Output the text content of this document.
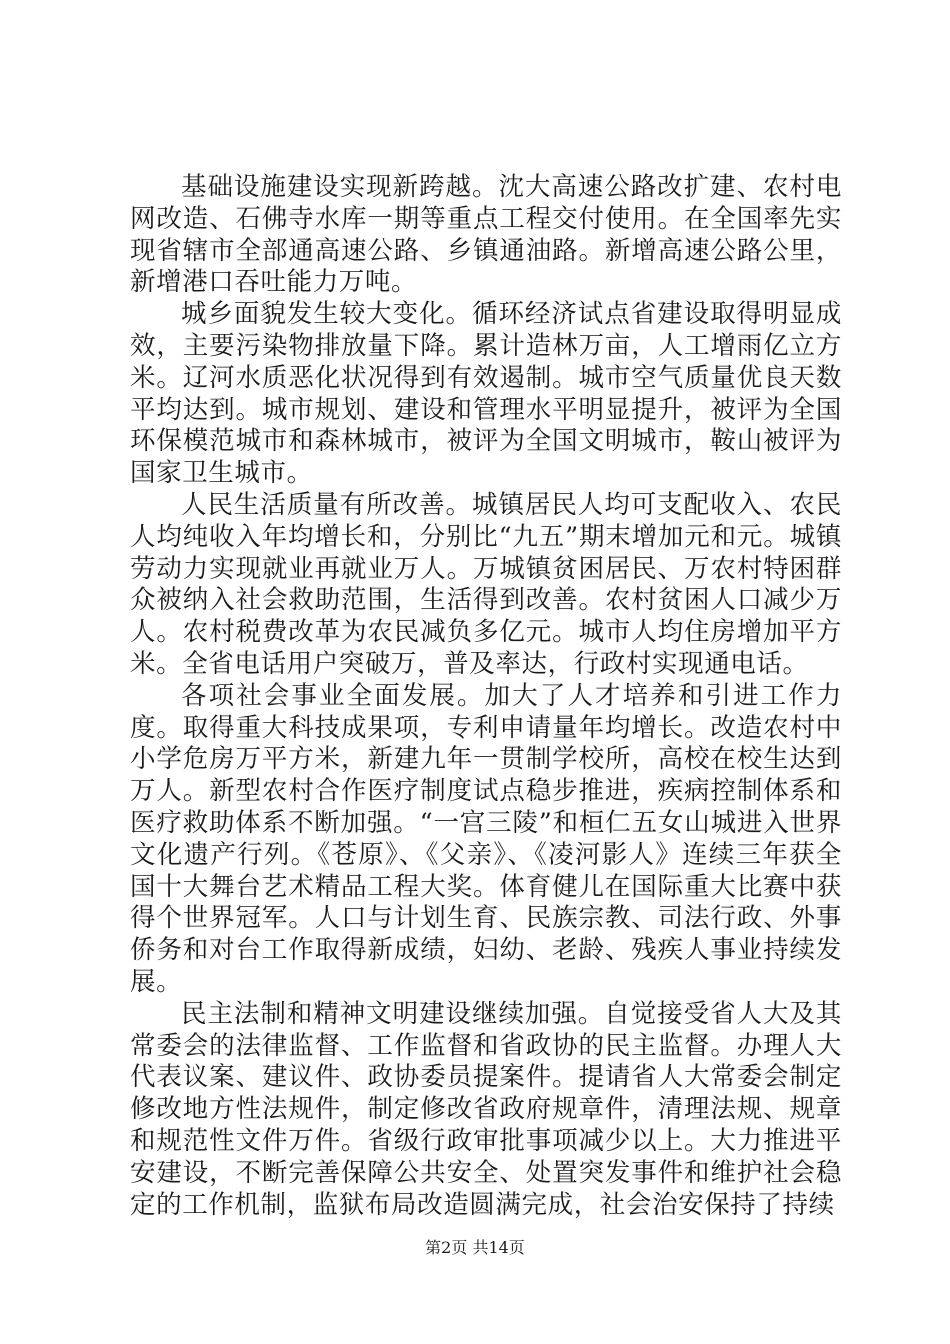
基础设施建设实现新跨越。沈大高速公路改扩建、农村电网改造、石佛寺水库一期等重点工程交付使用。在全国率先实现省辖市全部通高速公路、乡镇通油路。新增高速公路公里，新增港口吞吐能力万吨。

城乡面貌发生较大变化。循环经济试点省建设取得明显成效，主要污染物排放量下降。累计造林万亩，人工增雨亿立方米。辽河水质恶化状况得到有效遏制。城市空气质量优良天数平均达到。城市规划、建设和管理水平明显提升，被评为全国环保模范城市和森林城市，被评为全国文明城市，鞍山被评为国家卫生城市。

人民生活质量有所改善。城镇居民人均可支配收入、农民人均纯收入年均增长和，分别比“九五”期末增加元和元。城镇劳动力实现就业再就业万人。万城镇贫困居民、万农村特困群众被纳入社会救助范围，生活得到改善。农村贫困人口减少万人。农村税费改革为农民减负多亿元。城市人均住房增加平方米。全省电话用户突破万，普及率达，行政村实现通电话。

各项社会事业全面发展。加大了人才培养和引进工作力度。取得重大科技成果项，专利申请量年均增长。改造农村中小学危房万平方米，新建九年一贯制学校所，高校在校生达到万人。新型农村合作医疗制度试点稳步推进，疾病控制体系和医疗救助体系不断加强。“一宫三陵”和桓仁五女山城进入世界文化遗产行列。《苍原》、《父亲》、《凌河影人》连续三年获全国十大舞台艺术精品工程大奖。体育健儿在国际重大比赛中获得个世界冠军。人口与计划生育、民族宗教、司法行政、外事侨务和对台工作取得新成绩，妇幼、老龄、残疾人事业持续发展。

民主法制和精神文明建设继续加强。自觉接受省人大及其常委会的法律监督、工作监督和省政协的民主监督。办理人大代表议案、建议件、政协委员提案件。提请省人大常委会制定修改地方性法规件，制定修改省政府规章件，清理法规、规章和规范性文件万件。省级行政审批事项减少以上。大力推进平安建设，不断完善保障公共安全、处置突发事件和维护社会稳定的工作机制，监狱布局改造圆满完成，社会治安保持了持续

第2页 共14页
